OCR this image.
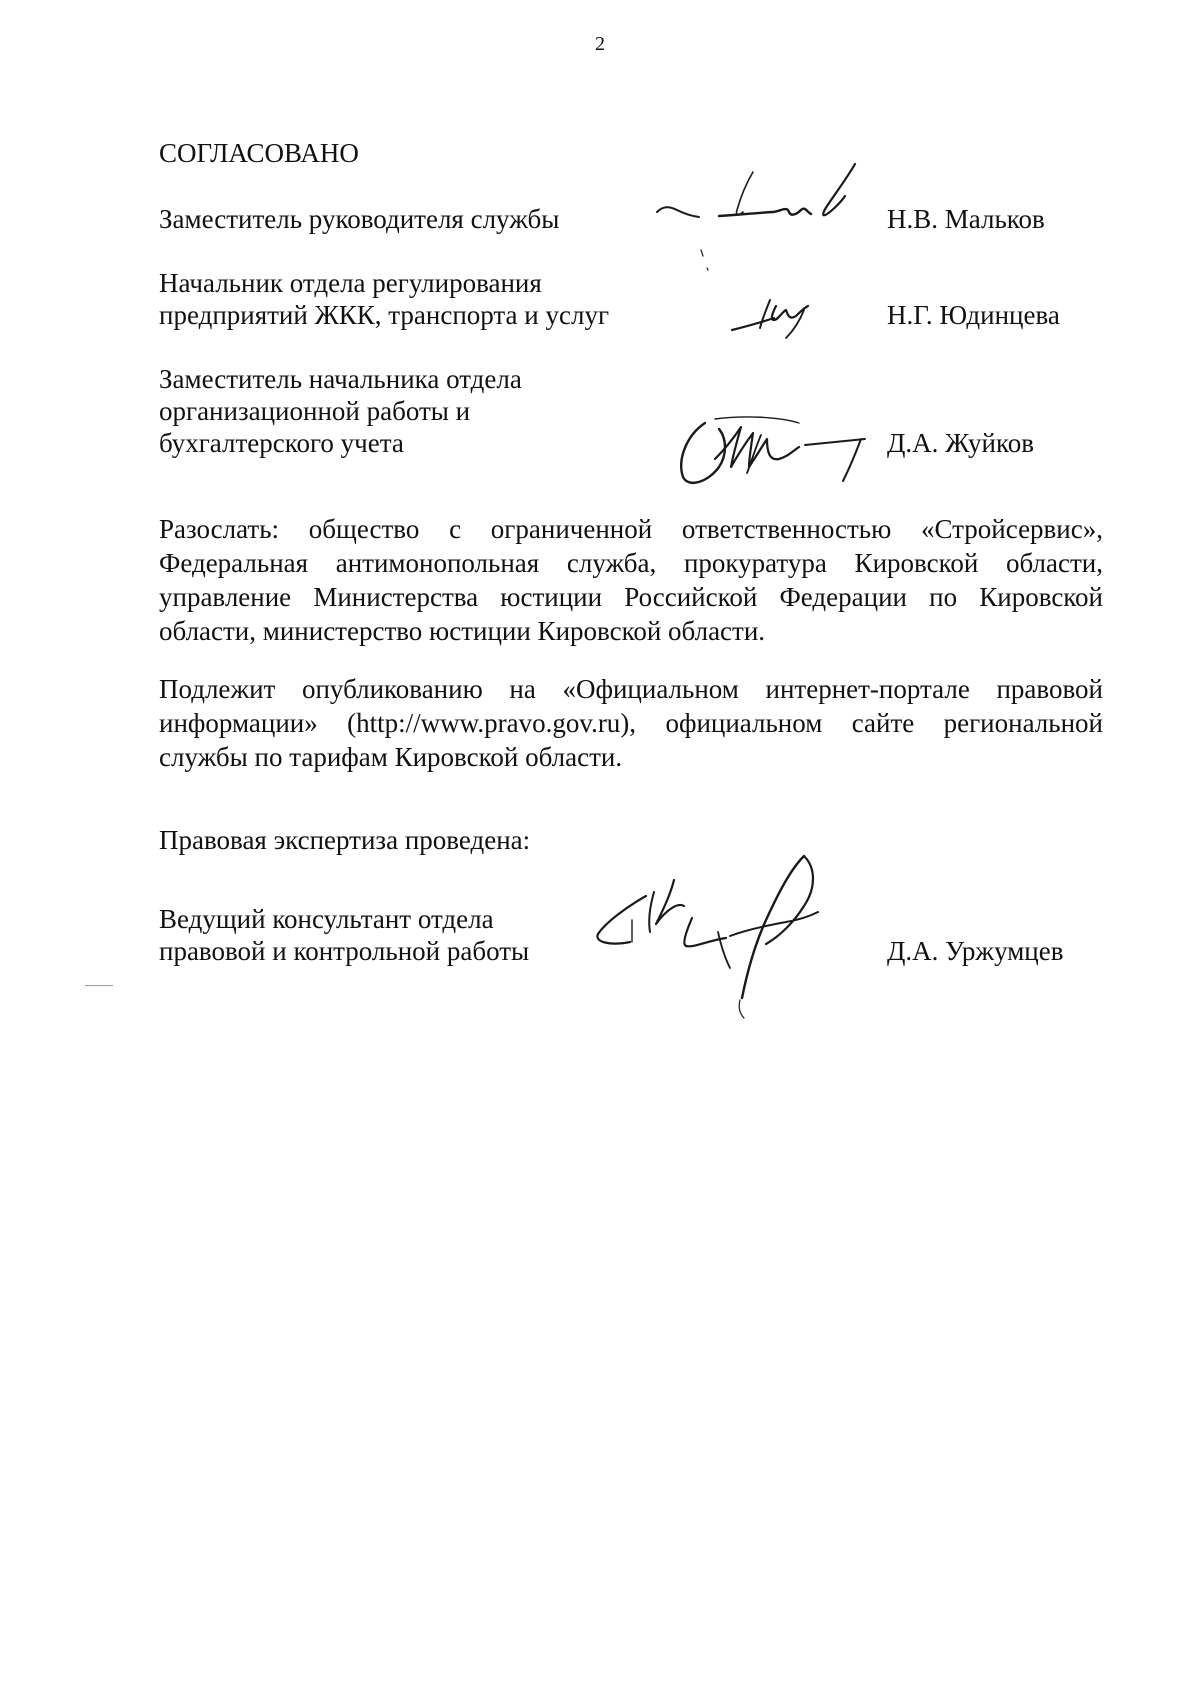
2
СОГЛАСОВАНО
Заместитель руководителя службы	Н.В. Мальков
Начальник отдела регулирования
предприятий ЖКК, транспорта и услуг	Н.Г. Юдинцева
Заместитель начальника отдела
организационной работы и
бухгалтерского учета	Д.А. Жуйков
Разослать: общество с ограниченной ответственностью «Стройсервис»,
Федеральная антимонопольная служба, прокуратура Кировской области,
управление Министерства юстиции Российской Федерации по Кировской
области, министерство юстиции Кировской области.
Подлежит опубликованию на «Официальном интернет-портале правовой
информации» (http://www.pravo.gov.ru), официальном сайте региональной
службы по тарифам Кировской области.
Правовая экспертиза проведена:
Ведущий консультант отдела
правовой и контрольной работы	Д.А. Уржумцев
